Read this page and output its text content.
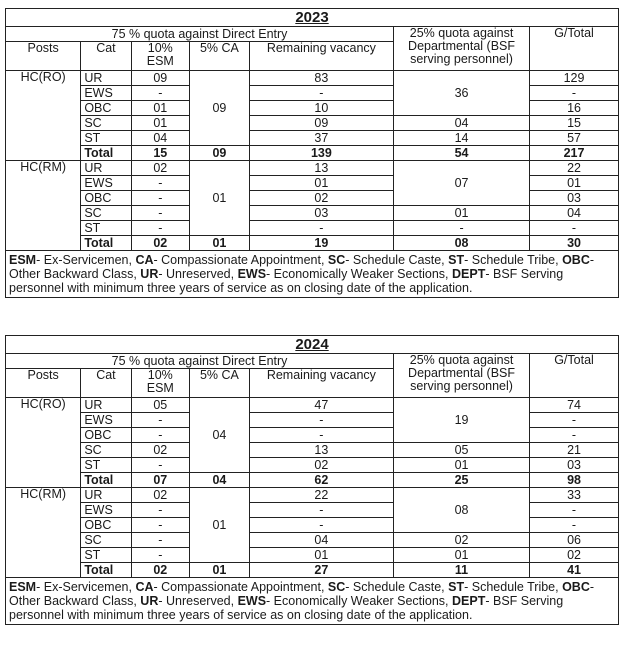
2023						
75 % quota against Direct Entry					25% quota against Departmental (BSF serving personnel)	G/Total
Posts	Cat	10% ESM	5% CA	Remaining vacancy		
HC(RO)	UR	09	09	83	36	129
	EWS	-		-		-
	OBC	01		10		16
	SC	01		09	04	15
	ST	04		37	14	57
	Total	15	09	139	54	217
HC(RM)	UR	02	01	13	07	22
	EWS	-		01		01
	OBC	-		02		03
	SC	-		03	01	04
	ST	-		-	-	-
	Total	02	01	19	08	30
ESM- Ex-Servicemen, CA- Compassionate Appointment, SC- Schedule Caste, ST- Schedule Tribe, OBC- Other Backward Class, UR- Unreserved, EWS- Economically Weaker Sections, DEPT- BSF Serving personnel with minimum three years of service as on closing date of the application.						
2024						
75 % quota against Direct Entry					25% quota against Departmental (BSF serving personnel)	G/Total
Posts	Cat	10% ESM	5% CA	Remaining vacancy		
HC(RO)	UR	05	04	47	19	74
	EWS	-		-		-
	OBC	-		-		-
	SC	02		13	05	21
	ST	-		02	01	03
	Total	07	04	62	25	98
HC(RM)	UR	02	01	22	08	33
	EWS	-		-		-
	OBC	-		-		-
	SC	-		04	02	06
	ST	-		01	01	02
	Total	02	01	27	11	41
ESM- Ex-Servicemen, CA- Compassionate Appointment, SC- Schedule Caste, ST- Schedule Tribe, OBC- Other Backward Class, UR- Unreserved, EWS- Economically Weaker Sections, DEPT- BSF Serving personnel with minimum three years of service as on closing date of the application.						
